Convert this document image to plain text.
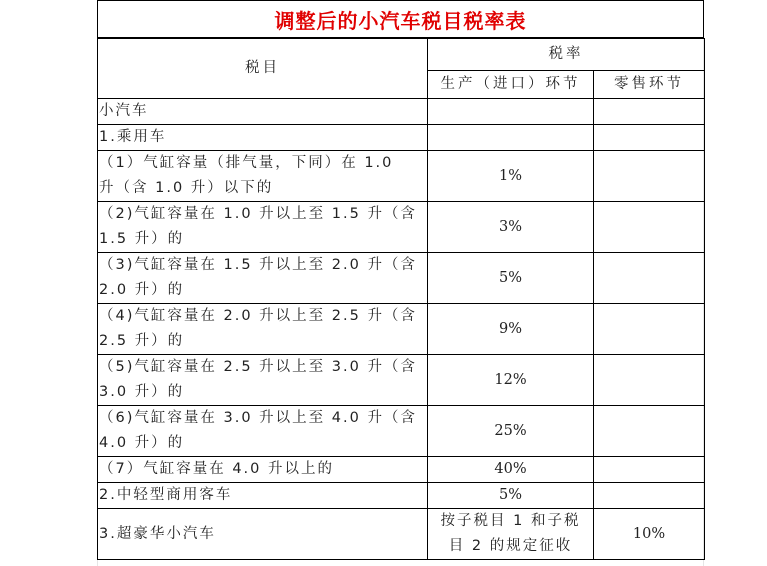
调整后的小汽车税目税率表
税目	税率	
	生产（进口）环节	零售环节
小汽车		
1.乘用车		

（1）气缸容量（排气量，下同）在 1.0
升（含 1.0 升）以下的	1%	

（2)气缸容量在 1.0 升以上至 1.5 升（含
1.5 升）的	3%	

（3)气缸容量在 1.5 升以上至 2.0 升（含
2.0 升）的	5%	

（4)气缸容量在 2.0 升以上至 2.5 升（含
2.5 升）的	9%	

（5)气缸容量在 2.5 升以上至 3.0 升（含
3.0 升）的	12%	

（6)气缸容量在 3.0 升以上至 4.0 升（含
4.0 升）的	25%	
（7）气缸容量在 4.0 升以上的	40%	
2.中轻型商用客车	5%	
3.超豪华小汽车	按子税目 1 和子税
目 2 的规定征收	10%
